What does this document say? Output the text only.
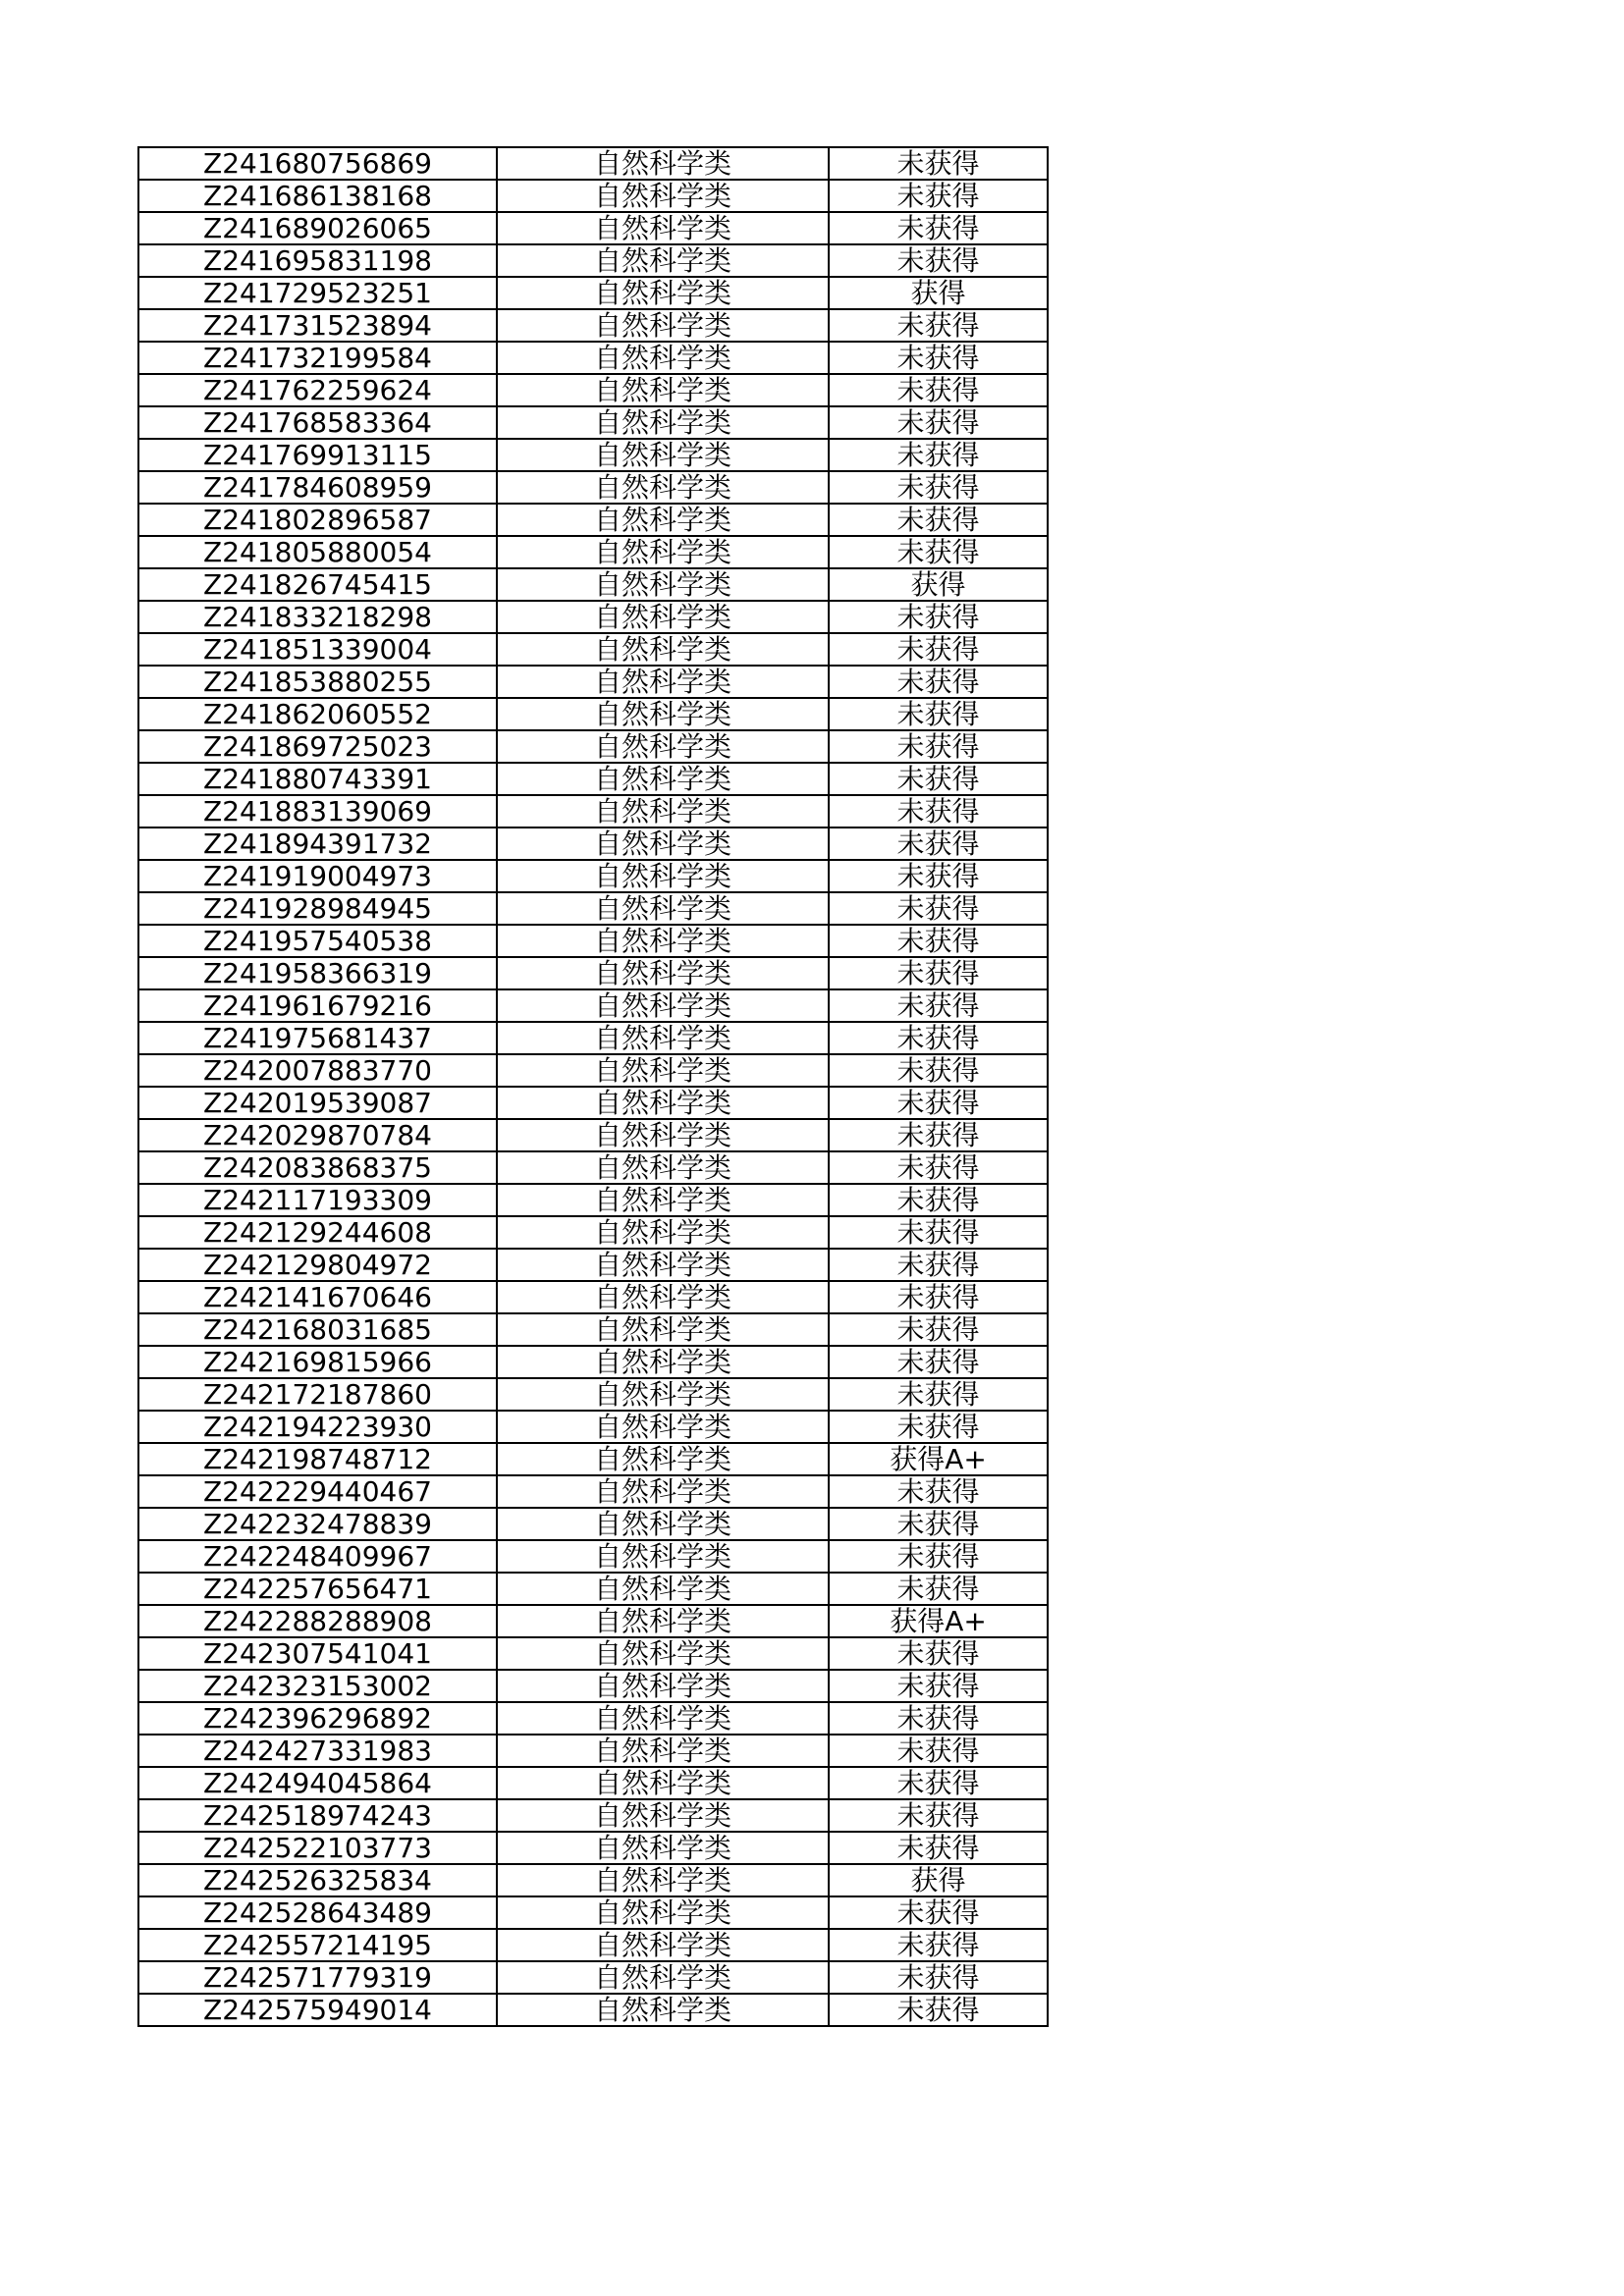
Z241680756869	自然科学类	未获得
Z241686138168	自然科学类	未获得
Z241689026065	自然科学类	未获得
Z241695831198	自然科学类	未获得
Z241729523251	自然科学类	获得
Z241731523894	自然科学类	未获得
Z241732199584	自然科学类	未获得
Z241762259624	自然科学类	未获得
Z241768583364	自然科学类	未获得
Z241769913115	自然科学类	未获得
Z241784608959	自然科学类	未获得
Z241802896587	自然科学类	未获得
Z241805880054	自然科学类	未获得
Z241826745415	自然科学类	获得
Z241833218298	自然科学类	未获得
Z241851339004	自然科学类	未获得
Z241853880255	自然科学类	未获得
Z241862060552	自然科学类	未获得
Z241869725023	自然科学类	未获得
Z241880743391	自然科学类	未获得
Z241883139069	自然科学类	未获得
Z241894391732	自然科学类	未获得
Z241919004973	自然科学类	未获得
Z241928984945	自然科学类	未获得
Z241957540538	自然科学类	未获得
Z241958366319	自然科学类	未获得
Z241961679216	自然科学类	未获得
Z241975681437	自然科学类	未获得
Z242007883770	自然科学类	未获得
Z242019539087	自然科学类	未获得
Z242029870784	自然科学类	未获得
Z242083868375	自然科学类	未获得
Z242117193309	自然科学类	未获得
Z242129244608	自然科学类	未获得
Z242129804972	自然科学类	未获得
Z242141670646	自然科学类	未获得
Z242168031685	自然科学类	未获得
Z242169815966	自然科学类	未获得
Z242172187860	自然科学类	未获得
Z242194223930	自然科学类	未获得
Z242198748712	自然科学类	获得A+
Z242229440467	自然科学类	未获得
Z242232478839	自然科学类	未获得
Z242248409967	自然科学类	未获得
Z242257656471	自然科学类	未获得
Z242288288908	自然科学类	获得A+
Z242307541041	自然科学类	未获得
Z242323153002	自然科学类	未获得
Z242396296892	自然科学类	未获得
Z242427331983	自然科学类	未获得
Z242494045864	自然科学类	未获得
Z242518974243	自然科学类	未获得
Z242522103773	自然科学类	未获得
Z242526325834	自然科学类	获得
Z242528643489	自然科学类	未获得
Z242557214195	自然科学类	未获得
Z242571779319	自然科学类	未获得
Z242575949014	自然科学类	未获得
